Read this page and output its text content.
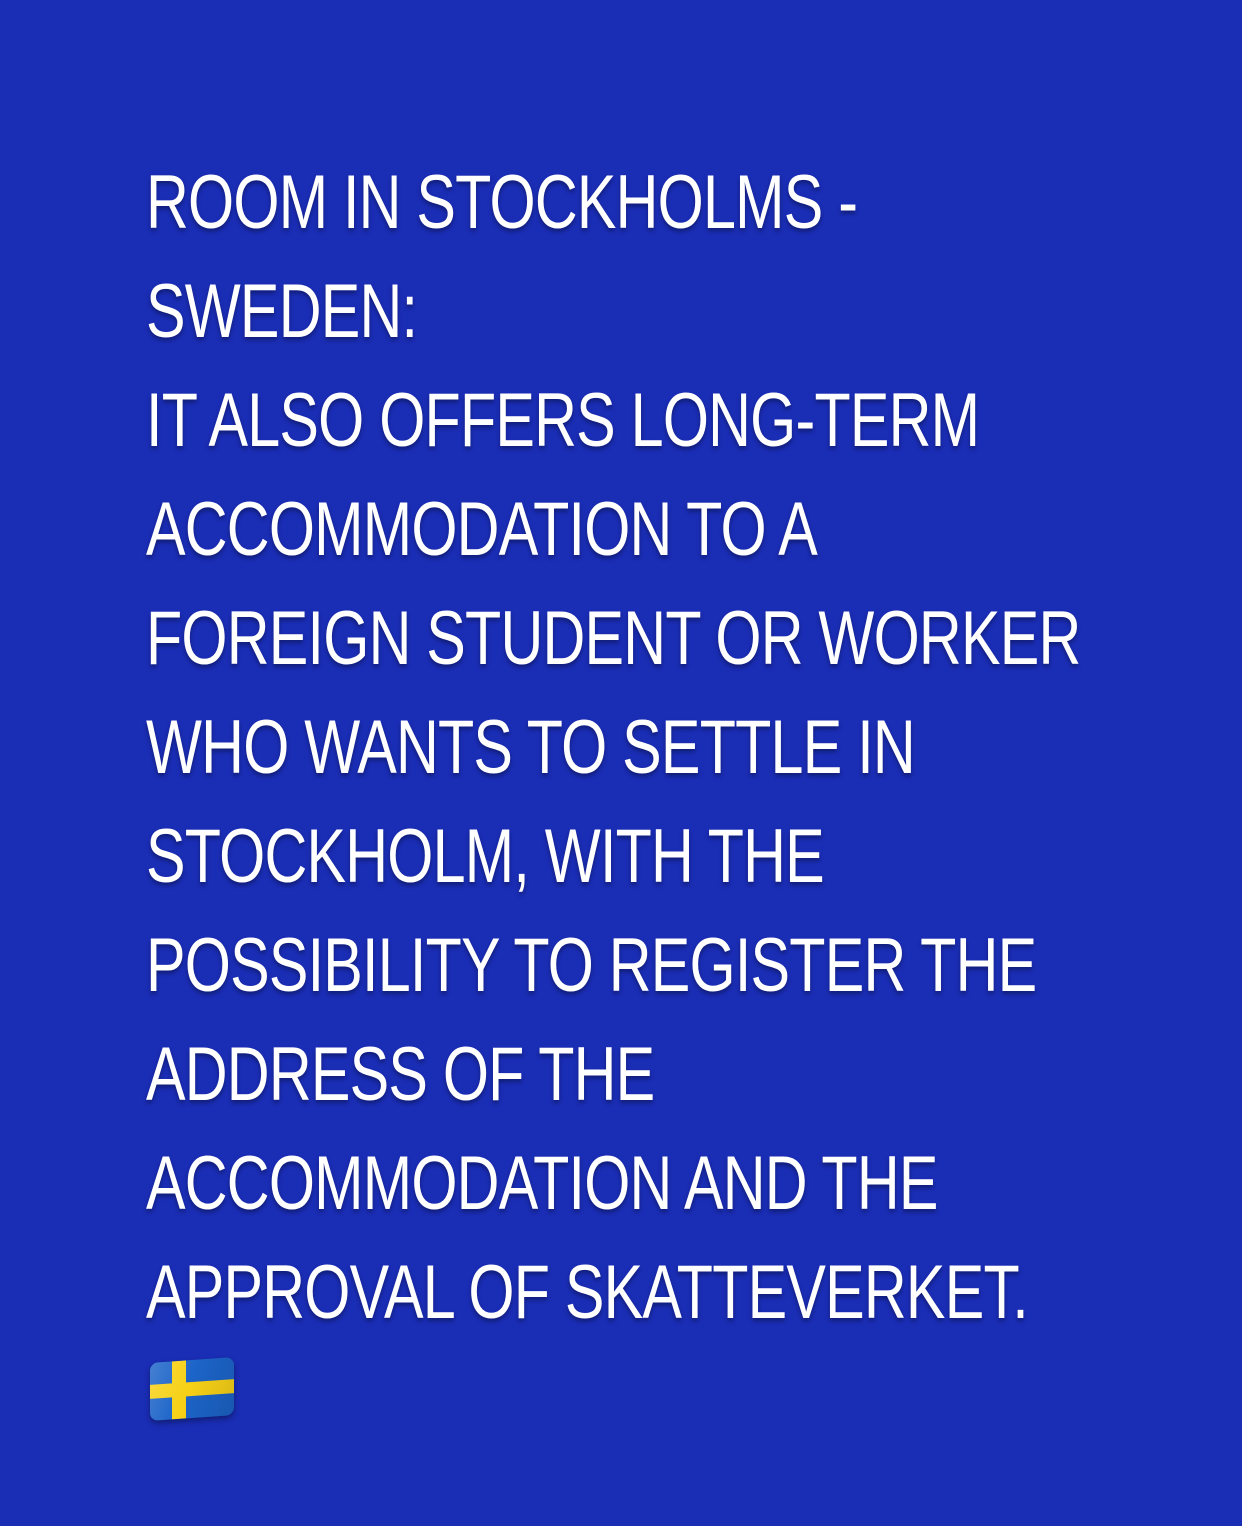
ROOM IN STOCKHOLMS -
SWEDEN:
IT ALSO OFFERS LONG-TERM
ACCOMMODATION TO A
FOREIGN STUDENT OR WORKER
WHO WANTS TO SETTLE IN
STOCKHOLM, WITH THE
POSSIBILITY TO REGISTER THE
ADDRESS OF THE
ACCOMMODATION AND THE
APPROVAL OF SKATTEVERKET.
